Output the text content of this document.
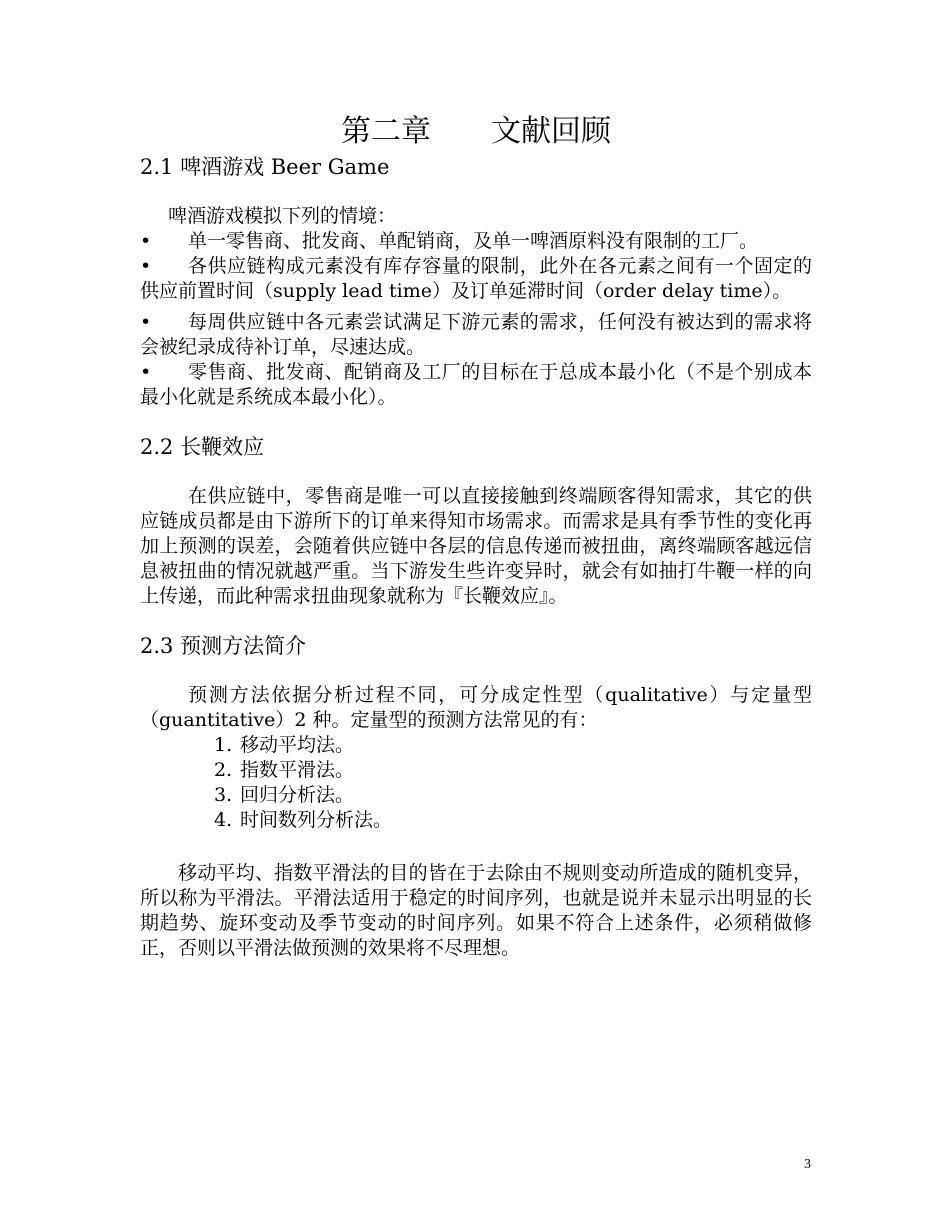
第二章　　文献回顾
2.1 啤酒游戏 Beer Game

啤酒游戏模拟下列的情境：

• 单一零售商、批发商、单配销商，及单一啤酒原料没有限制的工厂。

• 各供应链构成元素没有库存容量的限制，此外在各元素之间有一个固定的供应前置时间（supply lead time）及订单延滞时间（order delay time）。

• 每周供应链中各元素尝试满足下游元素的需求，任何没有被达到的需求将会被纪录成待补订单，尽速达成。

• 零售商、批发商、配销商及工厂的目标在于总成本最小化（不是个别成本最小化就是系统成本最小化）。

2.2 长鞭效应

在供应链中，零售商是唯一可以直接接触到终端顾客得知需求，其它的供应链成员都是由下游所下的订单来得知市场需求。而需求是具有季节性的变化再加上预测的误差，会随着供应链中各层的信息传递而被扭曲，离终端顾客越远信息被扭曲的情况就越严重。当下游发生些许变异时，就会有如抽打牛鞭一样的向上传递，而此种需求扭曲现象就称为『长鞭效应』。

2.3 预测方法简介

预测方法依据分析过程不同，可分成定性型（qualitative）与定量型（guantitative）2 种。定量型的预测方法常见的有：

1. 移动平均法。
2. 指数平滑法。
3. 回归分析法。
4. 时间数列分析法。

移动平均、指数平滑法的目的皆在于去除由不规则变动所造成的随机变异，所以称为平滑法。平滑法适用于稳定的时间序列，也就是说并未显示出明显的长期趋势、旋环变动及季节变动的时间序列。如果不符合上述条件，必须稍做修正，否则以平滑法做预测的效果将不尽理想。

3
